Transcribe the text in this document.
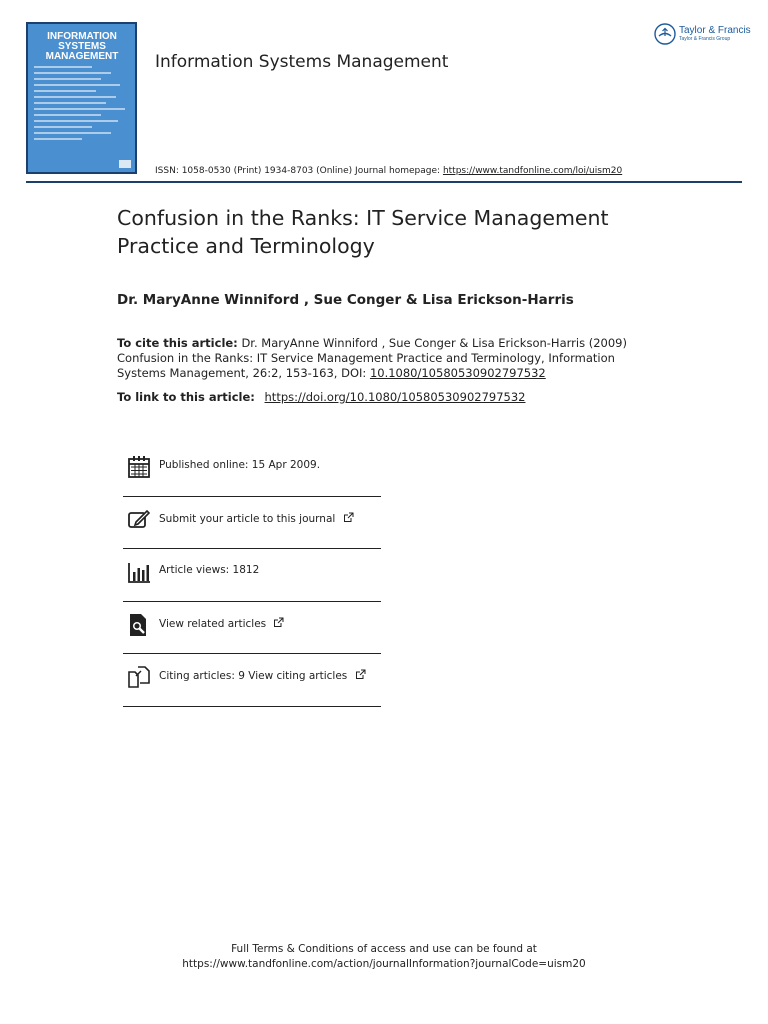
INFORMATION SYSTEMS MANAGEMENT	Information Systems Management
Taylor & Francis
Taylor & Francis Group
ISSN: 1058-0530 (Print) 1934-8703 (Online) Journal homepage: https://www.tandfonline.com/loi/uism20
Confusion in the Ranks: IT Service Management Practice and Terminology
Dr. MaryAnne Winniford , Sue Conger & Lisa Erickson-Harris
To cite this article: Dr. MaryAnne Winniford , Sue Conger & Lisa Erickson-Harris (2009) Confusion in the Ranks: IT Service Management Practice and Terminology, Information Systems Management, 26:2, 153-163, DOI: 10.1080/10580530902797532
To link to this article: https://doi.org/10.1080/10580530902797532
Published online: 15 Apr 2009.
Submit your article to this journal
Article views: 1812
View related articles
Citing articles: 9 View citing articles
Full Terms & Conditions of access and use can be found at
https://www.tandfonline.com/action/journalInformation?journalCode=uism20
